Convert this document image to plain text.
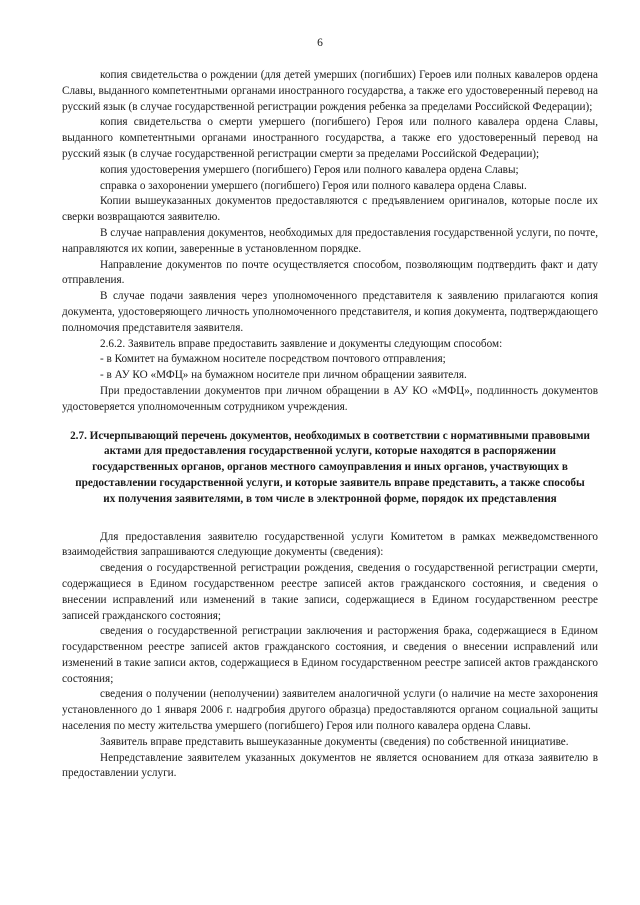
6

копия свидетельства о рождении (для детей умерших (погибших) Героев или полных кавалеров ордена Славы, выданного компетентными органами иностранного государства, а также его удостоверенный перевод на русский язык (в случае государственной регистрации рождения ребенка за пределами Российской Федерации);

копия свидетельства о смерти умершего (погибшего) Героя или полного кавалера ордена Славы, выданного компетентными органами иностранного государства, а также его удостоверенный перевод на русский язык (в случае государственной регистрации смерти за пределами Российской Федерации);

копия удостоверения умершего (погибшего) Героя или полного кавалера ордена Славы;

справка о захоронении умершего (погибшего) Героя или полного кавалера ордена Славы.

Копии вышеуказанных документов предоставляются с предъявлением оригиналов, которые после их сверки возвращаются заявителю.

В случае направления документов, необходимых для предоставления государственной услуги, по почте, направляются их копии, заверенные в установленном порядке.

Направление документов по почте осуществляется способом, позволяющим подтвердить факт и дату отправления.

В случае подачи заявления через уполномоченного представителя к заявлению прилагаются копия документа, удостоверяющего личность уполномоченного представителя, и копия документа, подтверждающего полномочия представителя заявителя.

2.6.2. Заявитель вправе предоставить заявление и документы следующим способом:

- в Комитет на бумажном носителе посредством почтового отправления;

- в АУ КО «МФЦ» на бумажном носителе при личном обращении заявителя.

При предоставлении документов при личном обращении в АУ КО «МФЦ», подлинность документов удостоверяется уполномоченным сотрудником учреждения.

2.7. Исчерпывающий перечень документов, необходимых в соответствии с нормативными правовыми актами для предоставления государственной услуги, которые находятся в распоряжении государственных органов, органов местного самоуправления и иных органов, участвующих в предоставлении государственной услуги, и которые заявитель вправе представить, а также способы их получения заявителями, в том числе в электронной форме, порядок их представления

Для предоставления заявителю государственной услуги Комитетом в рамках межведомственного взаимодействия запрашиваются следующие документы (сведения):

сведения о государственной регистрации рождения, сведения о государственной регистрации смерти, содержащиеся в Едином государственном реестре записей актов гражданского состояния, и сведения о внесении исправлений или изменений в такие записи, содержащиеся в Едином государственном реестре записей гражданского состояния;

сведения о государственной регистрации заключения и расторжения брака, содержащиеся в Едином государственном реестре записей актов гражданского состояния, и сведения о внесении исправлений или изменений в такие записи актов, содержащиеся в Едином государственном реестре записей актов гражданского состояния;

сведения о получении (неполучении) заявителем аналогичной услуги (о наличие на месте захоронения установленного до 1 января 2006 г. надгробия другого образца) предоставляются органом социальной защиты населения по месту жительства умершего (погибшего) Героя или полного кавалера ордена Славы.

Заявитель вправе представить вышеуказанные документы (сведения) по собственной инициативе.

Непредставление заявителем указанных документов не является основанием для отказа заявителю в предоставлении услуги.
